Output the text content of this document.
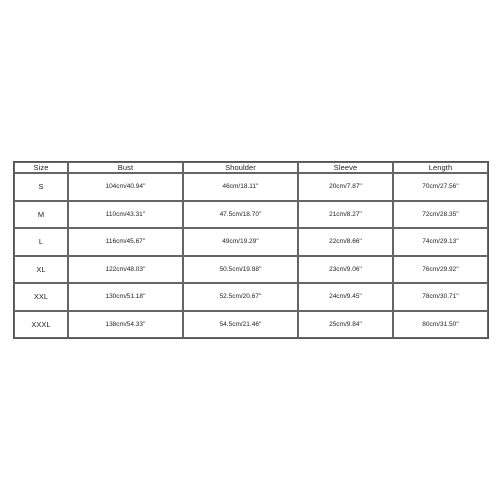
Size	Bust	Shoulder	Sleeve	Length
S	104cm/40.94''	46cm/18.11''	20cm/7.87''	70cm/27.56''
M	110cm/43.31''	47.5cm/18.70''	21cm/8.27''	72cm/28.35''
L	116cm/45.67''	49cm/19.29''	22cm/8.66''	74cm/29.13''
XL	122cm/48.03''	50.5cm/19.88''	23cm/9.06''	76cm/29.92''
XXL	130cm/51.18''	52.5cm/20.67''	24cm/9.45''	78cm/30.71''
XXXL	138cm/54.33''	54.5cm/21.46''	25cm/9.84''	80cm/31.50''
